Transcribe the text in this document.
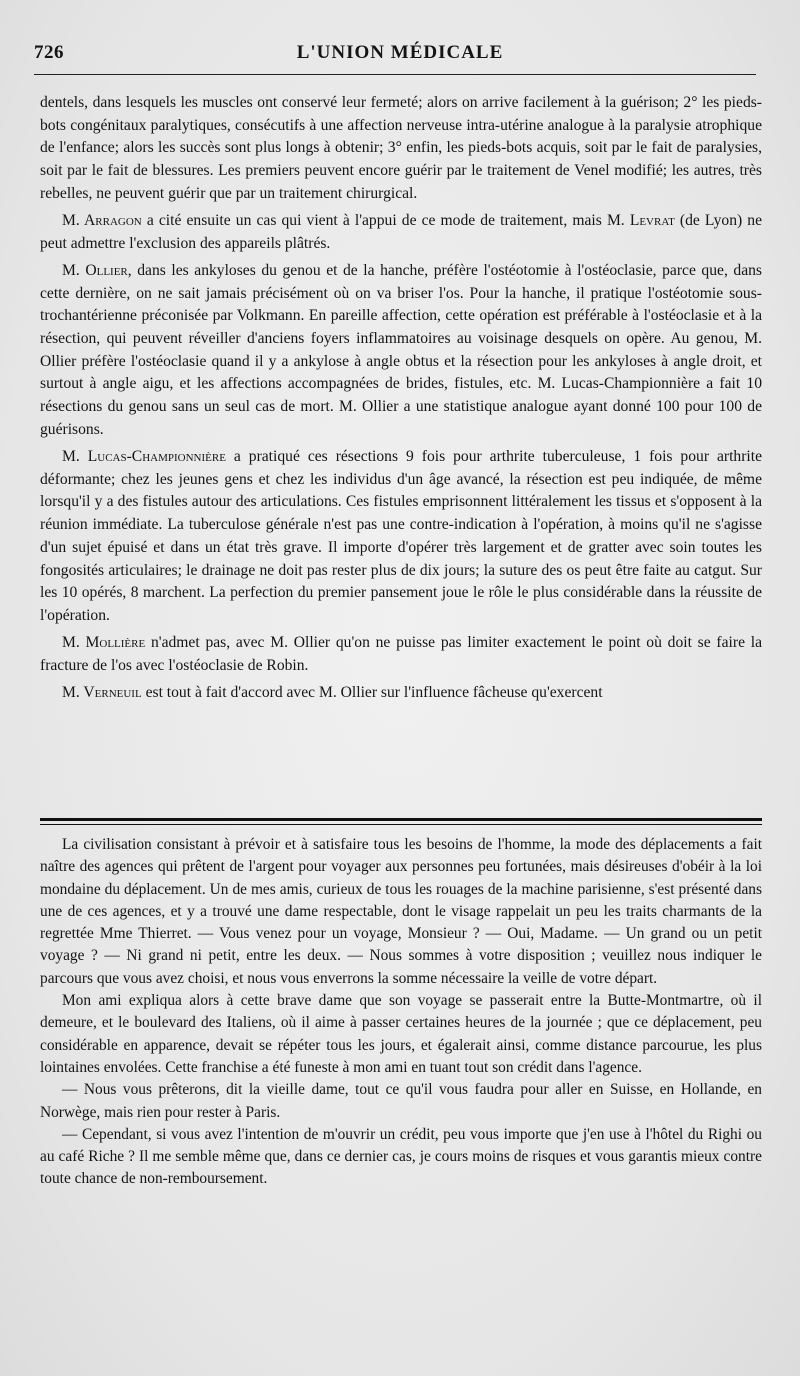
726	L'UNION MÉDICALE

dentels, dans lesquels les muscles ont conservé leur fermeté; alors on arrive facilement à la guérison; 2° les pieds-bots congénitaux paralytiques, consécutifs à une affection nerveuse intra-utérine analogue à la paralysie atrophique de l'enfance; alors les succès sont plus longs à obtenir; 3° enfin, les pieds-bots acquis, soit par le fait de paralysies, soit par le fait de blessures. Les premiers peuvent encore guérir par le traitement de Venel modifié; les autres, très rebelles, ne peuvent guérir que par un traitement chirurgical.

M. Arragon a cité ensuite un cas qui vient à l'appui de ce mode de traitement, mais M. Levrat (de Lyon) ne peut admettre l'exclusion des appareils plâtrés.

M. Ollier, dans les ankyloses du genou et de la hanche, préfère l'ostéotomie à l'ostéoclasie, parce que, dans cette dernière, on ne sait jamais précisément où on va briser l'os. Pour la hanche, il pratique l'ostéotomie sous-trochantérienne préconisée par Volkmann. En pareille affection, cette opération est préférable à l'ostéoclasie et à la résection, qui peuvent réveiller d'anciens foyers inflammatoires au voisinage desquels on opère. Au genou, M. Ollier préfère l'ostéoclasie quand il y a ankylose à angle obtus et la résection pour les ankyloses à angle droit, et surtout à angle aigu, et les affections accompagnées de brides, fistules, etc. M. Lucas-Championnière a fait 10 résections du genou sans un seul cas de mort. M. Ollier a une statistique analogue ayant donné 100 pour 100 de guérisons.

M. Lucas-Championnière a pratiqué ces résections 9 fois pour arthrite tuberculeuse, 1 fois pour arthrite déformante; chez les jeunes gens et chez les individus d'un âge avancé, la résection est peu indiquée, de même lorsqu'il y a des fistules autour des articulations. Ces fistules emprisonnent littéralement les tissus et s'opposent à la réunion immédiate. La tuberculose générale n'est pas une contre-indication à l'opération, à moins qu'il ne s'agisse d'un sujet épuisé et dans un état très grave. Il importe d'opérer très largement et de gratter avec soin toutes les fongosités articulaires; le drainage ne doit pas rester plus de dix jours; la suture des os peut être faite au catgut. Sur les 10 opérés, 8 marchent. La perfection du premier pansement joue le rôle le plus considérable dans la réussite de l'opération.

M. Mollière n'admet pas, avec M. Ollier qu'on ne puisse pas limiter exactement le point où doit se faire la fracture de l'os avec l'ostéoclasie de Robin.

M. Verneuil est tout à fait d'accord avec M. Ollier sur l'influence fâcheuse qu'exercent

La civilisation consistant à prévoir et à satisfaire tous les besoins de l'homme, la mode des déplacements a fait naître des agences qui prêtent de l'argent pour voyager aux personnes peu fortunées, mais désireuses d'obéir à la loi mondaine du déplacement. Un de mes amis, curieux de tous les rouages de la machine parisienne, s'est présenté dans une de ces agences, et y a trouvé une dame respectable, dont le visage rappelait un peu les traits charmants de la regrettée Mme Thierret. — Vous venez pour un voyage, Monsieur ? — Oui, Madame. — Un grand ou un petit voyage ? — Ni grand ni petit, entre les deux. — Nous sommes à votre disposition ; veuillez nous indiquer le parcours que vous avez choisi, et nous vous enverrons la somme nécessaire la veille de votre départ.

Mon ami expliqua alors à cette brave dame que son voyage se passerait entre la Butte-Montmartre, où il demeure, et le boulevard des Italiens, où il aime à passer certaines heures de la journée ; que ce déplacement, peu considérable en apparence, devait se répéter tous les jours, et égalerait ainsi, comme distance parcourue, les plus lointaines envolées. Cette franchise a été funeste à mon ami en tuant tout son crédit dans l'agence.

— Nous vous prêterons, dit la vieille dame, tout ce qu'il vous faudra pour aller en Suisse, en Hollande, en Norwège, mais rien pour rester à Paris.

— Cependant, si vous avez l'intention de m'ouvrir un crédit, peu vous importe que j'en use à l'hôtel du Righi ou au café Riche ? Il me semble même que, dans ce dernier cas, je cours moins de risques et vous garantis mieux contre toute chance de non-remboursement.
